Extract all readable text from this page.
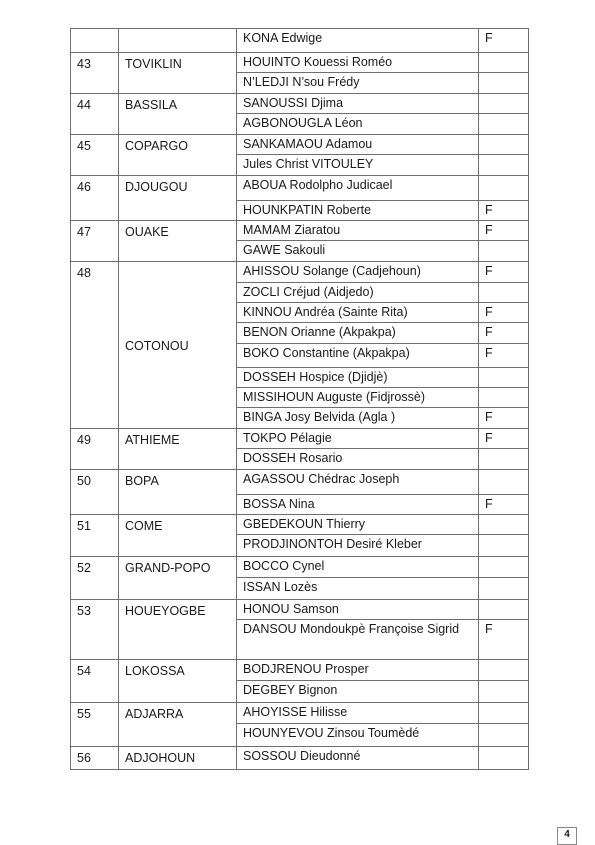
		KONA Edwige	F
43	TOVIKLIN	HOUINTO Kouessi Roméo	
		N’LEDJI N’sou Frédy	
44	BASSILA	SANOUSSI Djima	
		AGBONOUGLA Léon	
45	COPARGO	SANKAMAOU Adamou	
		Jules Christ VITOULEY	
46	DJOUGOU	ABOUA Rodolpho Judicael	
		HOUNKPATIN Roberte	F
47	OUAKE	MAMAM Ziaratou	F
		GAWE Sakouli	
48	COTONOU	AHISSOU Solange (Cadjehoun)	F
		ZOCLI Créjud (Aidjedo)	
		KINNOU Andréa (Sainte Rita)	F
		BENON Orianne (Akpakpa)	F
		BOKO Constantine (Akpakpa)	F
		DOSSEH Hospice (Djidjè)	
		MISSIHOUN Auguste (Fidjrossè)	
		BINGA Josy Belvida (Agla )	F
49	ATHIEME	TOKPO Pélagie	F
		DOSSEH Rosario	
50	BOPA	AGASSOU Chédrac Joseph	
		BOSSA Nina	F
51	COME	GBEDEKOUN Thierry	
		PRODJINONTOH Desiré Kleber	
52	GRAND-POPO	BOCCO Cynel	
		ISSAN Lozès	
53	HOUEYOGBE	HONOU Samson	
		DANSOU Mondoukpè Françoise Sigrid	F
54	LOKOSSA	BODJRENOU Prosper	
		DEGBEY Bignon	
55	ADJARRA	AHOYISSE Hilisse	
		HOUNYEVOU Zinsou Toumèdé	
56	ADJOHOUN	SOSSOU Dieudonné	
4
